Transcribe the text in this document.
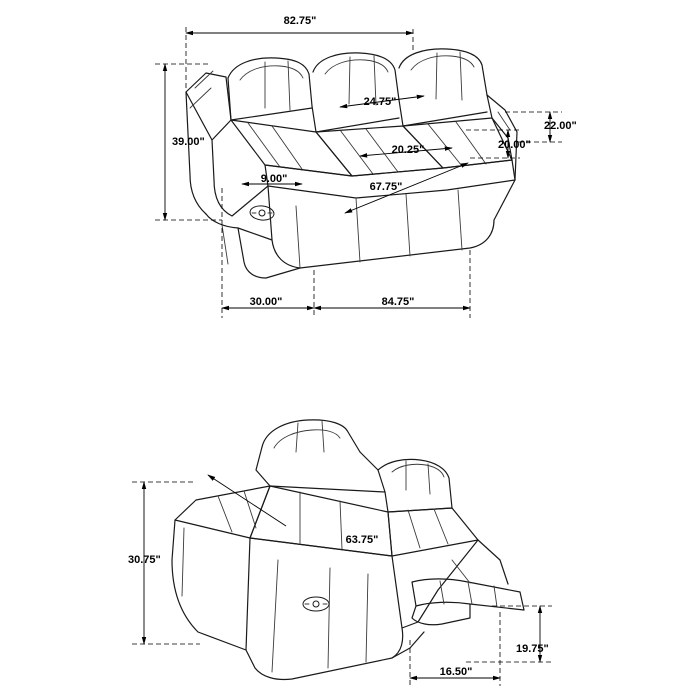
82.75"
24.75"
39.00"
20.25"
22.00"
20.00"
9.00"
67.75"
30.00"	84.75"
30.75"
63.75"
19.75"
16.50"
